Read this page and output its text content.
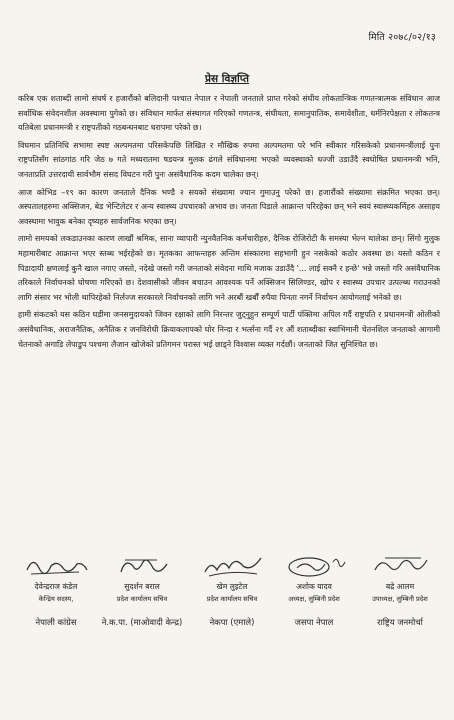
मिति २०७८/०२/१३
प्रेस विज्ञप्ति

करिब एक शताब्दी लामो संघर्ष र हजारौंको बलिदानी पश्चात नेपाल र नेपाली जनताले प्राप्त गरेको संघीय लोकतान्त्रिक गणतन्त्रात्मक संविधान आज सर्वाधिक संवेदनशील अवस्थामा पुगेको छ। संविधान मार्फत संस्थागत गरिएको गणतन्त्र, संघीयता, समानुपातिक, समावेशीता, धर्मनिरपेक्षता र लोकतन्त्र यतिबेला प्रधानमन्त्री र राष्ट्रपतीको गठबन्धनबाट धरापमा परेको छ।

विघमान प्रतिनिधि सभामा स्पष्ट अल्पमतमा परिसकेपछि लिखित र मौखिक रुपमा अल्पमतमा परे भनि स्वीकार गरिसकेको प्रधानमन्त्रीलाई पुनः राष्ट्रपतिसँग सांठगांठ गरि जेठ ७ गते मध्यरातमा षडयन्त्र मुलक ढंगले संविधानमा भएको व्यवस्थाको धज्जी उडाउँदै स्वघोषित प्रधानमन्त्री भनि, जनताप्रति उत्तरदायी सार्वभौम संसद विघटन गरी पुनः असंवैधानिक कदम चालेका छन्।

आज कोभिड –१९ का कारण जनताले दैनिक भण्डै २ सयको संख्यामा ज्यान गुमाउनु परेको छ। हजारौंको संख्यामा संक्रमित भएका छन्। अस्पतालहरुमा अक्सिजन, बेड भेन्टिलेटर र अन्य स्वास्थ्य उपचारको अभाव छ। जनता पिडाले आक्रान्त परिरहेका छन् भने स्वयं स्वास्थ्यकर्मिहरु असाहय अवस्थामा भावुक बनेका दृष्यहरु सार्वजनिक भएका छन्।

लामो समयको लकडाउनका कारण लाखौं श्रमिक, साना व्यापारी न्युनवैतनिक कर्मचारीहरु, दैनिक रोजिरोटी कै समस्या भेल्न थालेका छन्। सिंगो मुलुक महामारीबाट आक्रान्त भएर स्तब्ध भईरहेको छ। मृतकका आफन्तहरु अन्तिम संस्कारमा सहभागी हुन नसकेको कठोर अवस्था छ। यस्तो कठिन र पिडादायी क्षणलाई कुनै खाल नगाए जस्तो, नदेखे जस्तो गरी जनताको संवेदना माथि मजाक उडाउँदै '... लाई सक्नै र हन्छे' भन्ने जस्तो गरि असंवैधानिक तरिकाले निर्वाचनको घोषणा गरिएको छ। देशवासीको जीवन बचाउन आवश्यक पर्ने अक्सिजन सिलिण्डर, खोप र स्वास्थ्य उपचार उत्पल्ब्ध गराउनको लागि संसार भर भोली थापिरहेको निर्लज्ज सरकारले निर्वाचनको लागि भने अरबौं खर्बौं रुपैया पिनता नगर्ने निर्वाचन आयोगलाई भनेको छ।

हामी संकटको यस कठिन घडीमा जनसमुदायको जिवन रक्षाको लागि निरन्तर जुट्नुहुन सम्पूर्ण पार्टी पंक्तिमा अपिल गर्दै राष्ट्रपति र प्रधानमन्त्री ओलीको असंवैधानिक, अराजनैतिक, अनैतिक र जनविरोधी क्रियाकलापको घोर निन्दा र भर्त्सना गर्दै २१ औं शताब्दीका स्वाभिमानी चेतनशिल जनताको आगामी चेतनाको अगाडि लेपाडुप पश्चमा लैजान खोजेको प्रतिगमन परास्त भई छाड्ने विश्वास व्यक्त गर्दछौं। जनताको जित सुनिश्चित छ।

देवेन्द्रराज कंडेल
केन्द्रिय सदस्य,
नेपाली कांग्रेस
सुदर्शन बराल
प्रदेश कार्यालय सचिव
ने.क.पा. (माओवादी केन्द्र)
खेम लुइटेल
प्रदेश कार्यालय सचिव
नेकपा (एमाले)
अशोक यादव
अध्यक्ष, लुम्बिनी प्रदेश
जसपा नेपाल
बद्रे आलम
उपाध्यक्ष, लुम्बिनी प्रदेश
राष्ट्रिय जनमोर्चा
